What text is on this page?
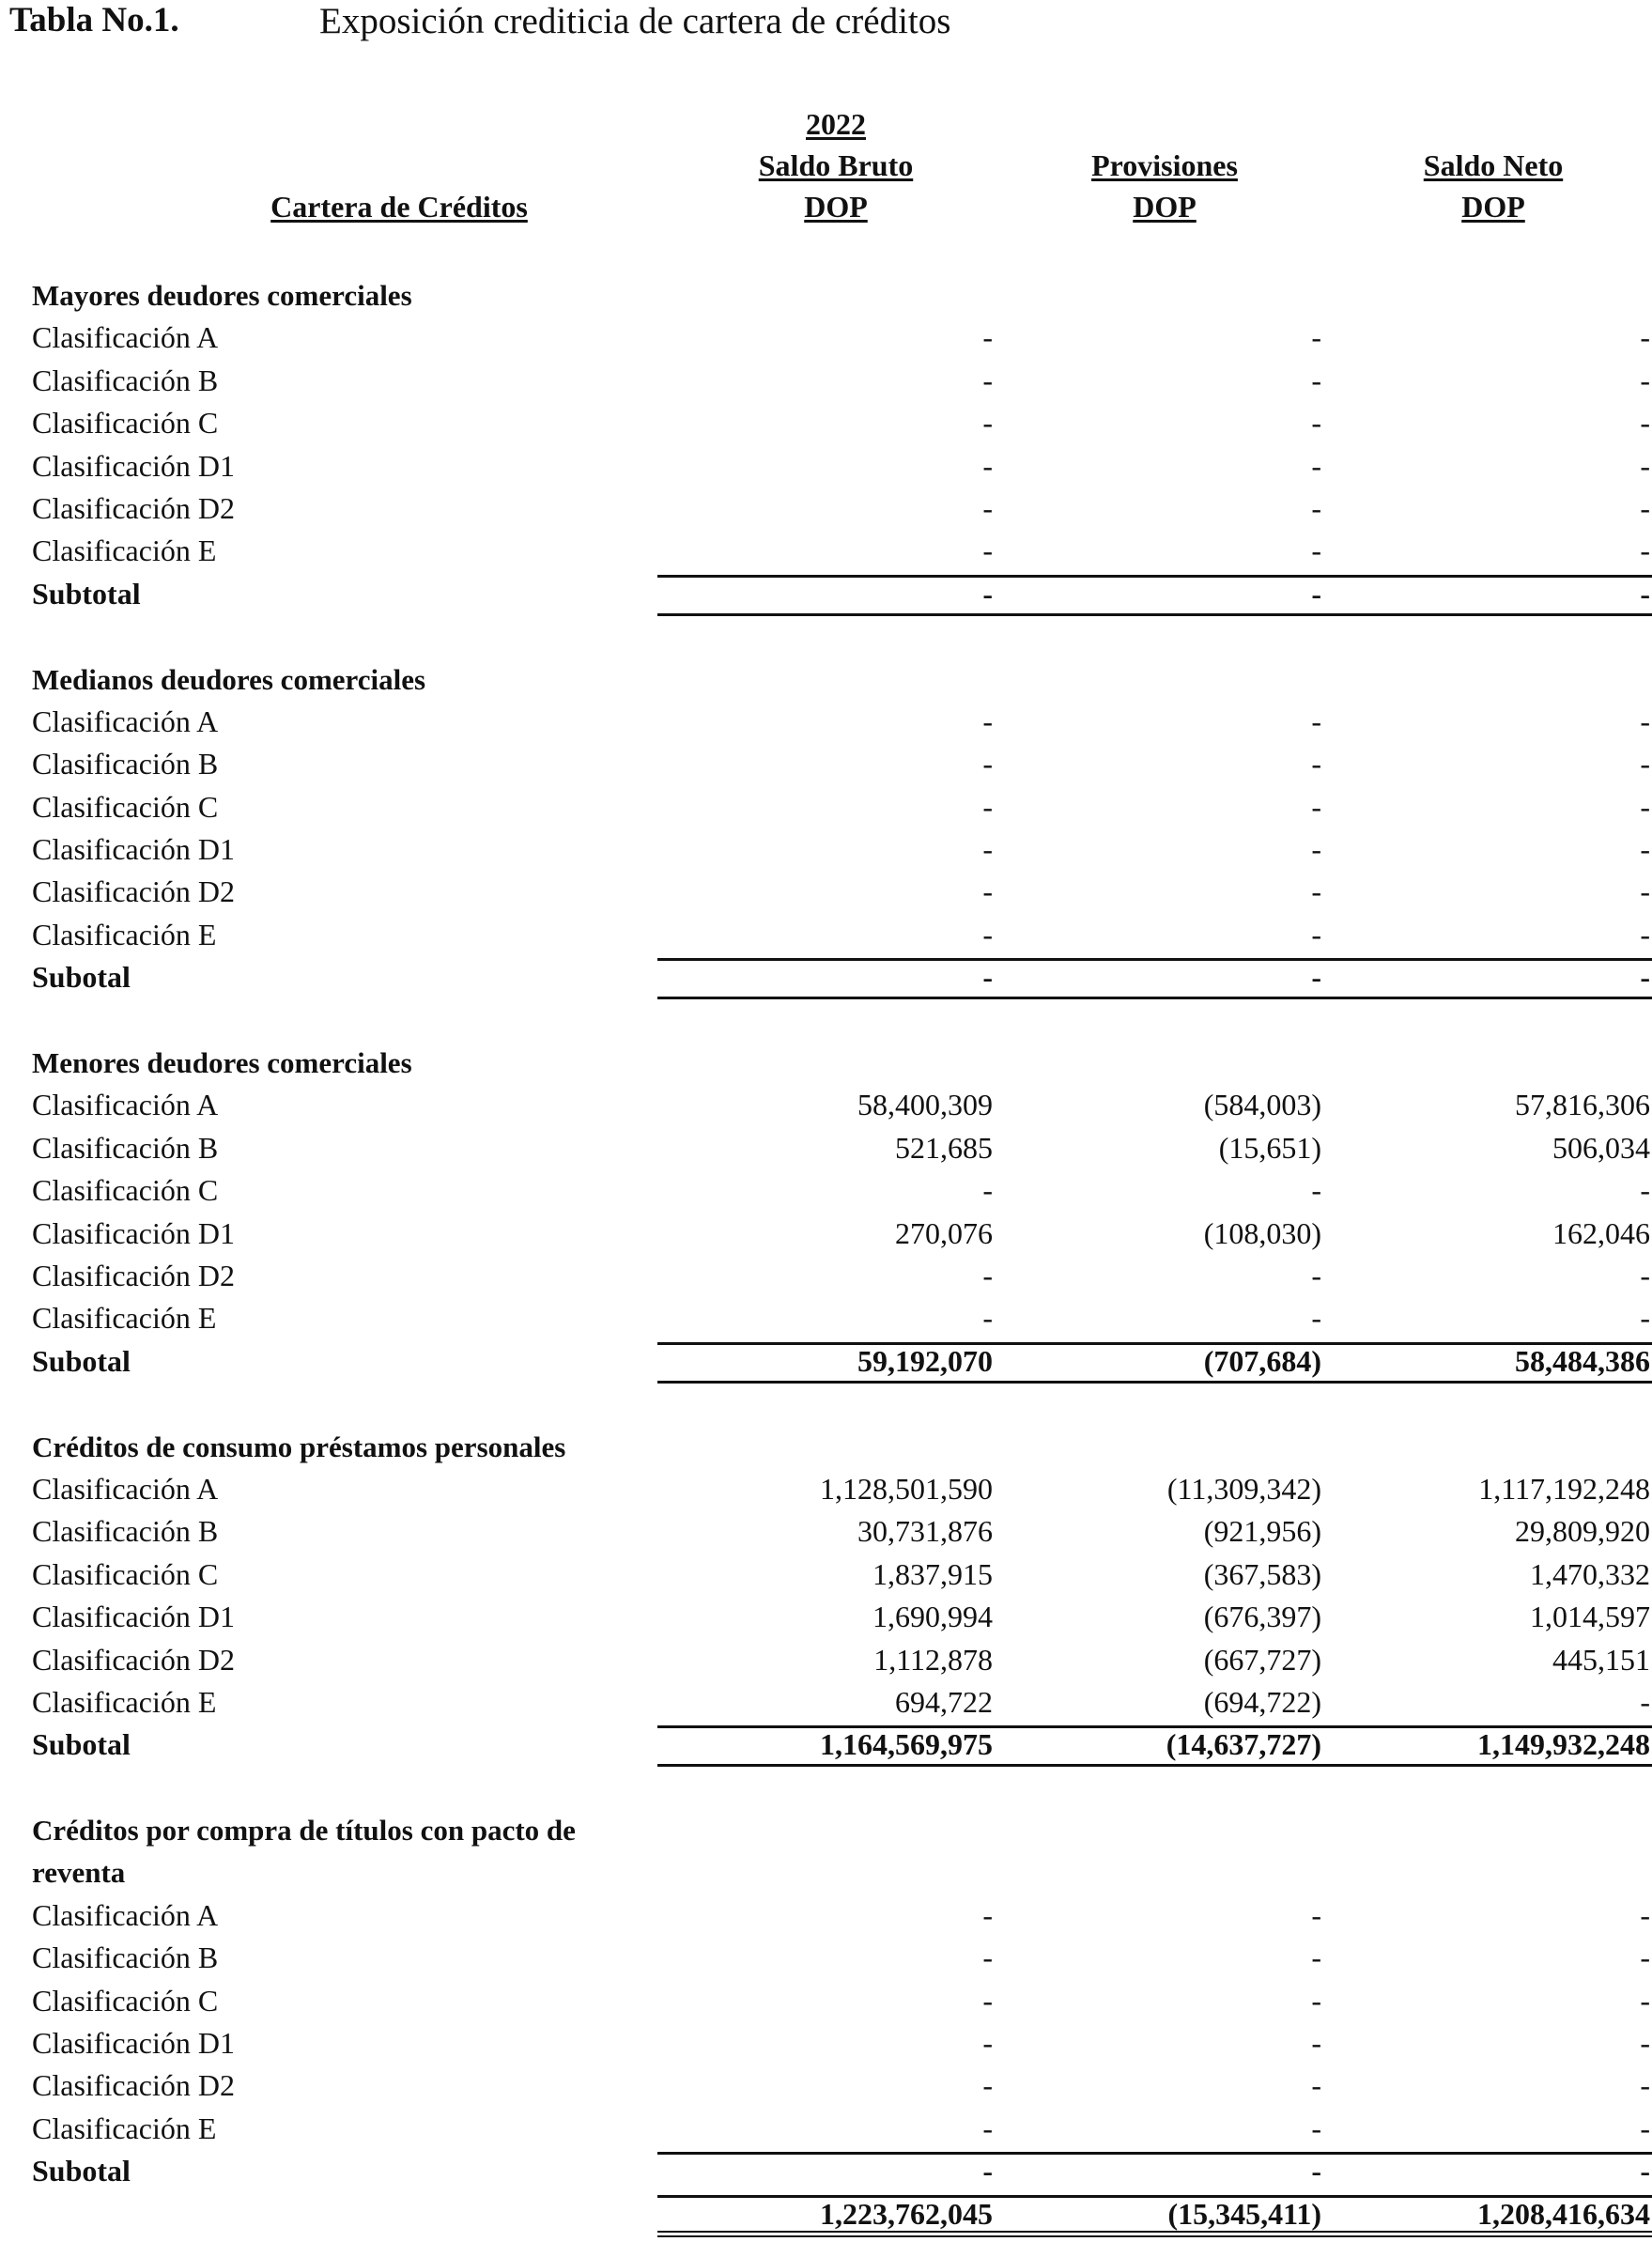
Tabla No.1.	Exposición crediticia de cartera de créditos
Cartera de Créditos
2022
Saldo Bruto
DOP
Provisiones
DOP
Saldo Neto
DOP
Mayores deudores comerciales
Clasificación A	-	-	-
Clasificación B	-	-	-
Clasificación C	-	-	-
Clasificación D1	-	-	-
Clasificación D2	-	-	-
Clasificación E	-	-	-
Subtotal	-	-	-
Medianos deudores comerciales
Clasificación A	-	-	-
Clasificación B	-	-	-
Clasificación C	-	-	-
Clasificación D1	-	-	-
Clasificación D2	-	-	-
Clasificación E	-	-	-
Subotal	-	-	-
Menores deudores comerciales
Clasificación A	58,400,309	(584,003)	57,816,306
Clasificación B	521,685	(15,651)	506,034
Clasificación C	-	-	-
Clasificación D1	270,076	(108,030)	162,046
Clasificación D2	-	-	-
Clasificación E	-	-	-
Subotal	59,192,070	(707,684)	58,484,386
Créditos de consumo préstamos personales
Clasificación A	1,128,501,590	(11,309,342)	1,117,192,248
Clasificación B	30,731,876	(921,956)	29,809,920
Clasificación C	1,837,915	(367,583)	1,470,332
Clasificación D1	1,690,994	(676,397)	1,014,597
Clasificación D2	1,112,878	(667,727)	445,151
Clasificación E	694,722	(694,722)	-
Subotal	1,164,569,975	(14,637,727)	1,149,932,248
Créditos por compra de títulos con pacto de reventa
Clasificación A	-	-	-
Clasificación B	-	-	-
Clasificación C	-	-	-
Clasificación D1	-	-	-
Clasificación D2	-	-	-
Clasificación E	-	-	-
Subotal	-	-	-
1,223,762,045	(15,345,411)	1,208,416,634
